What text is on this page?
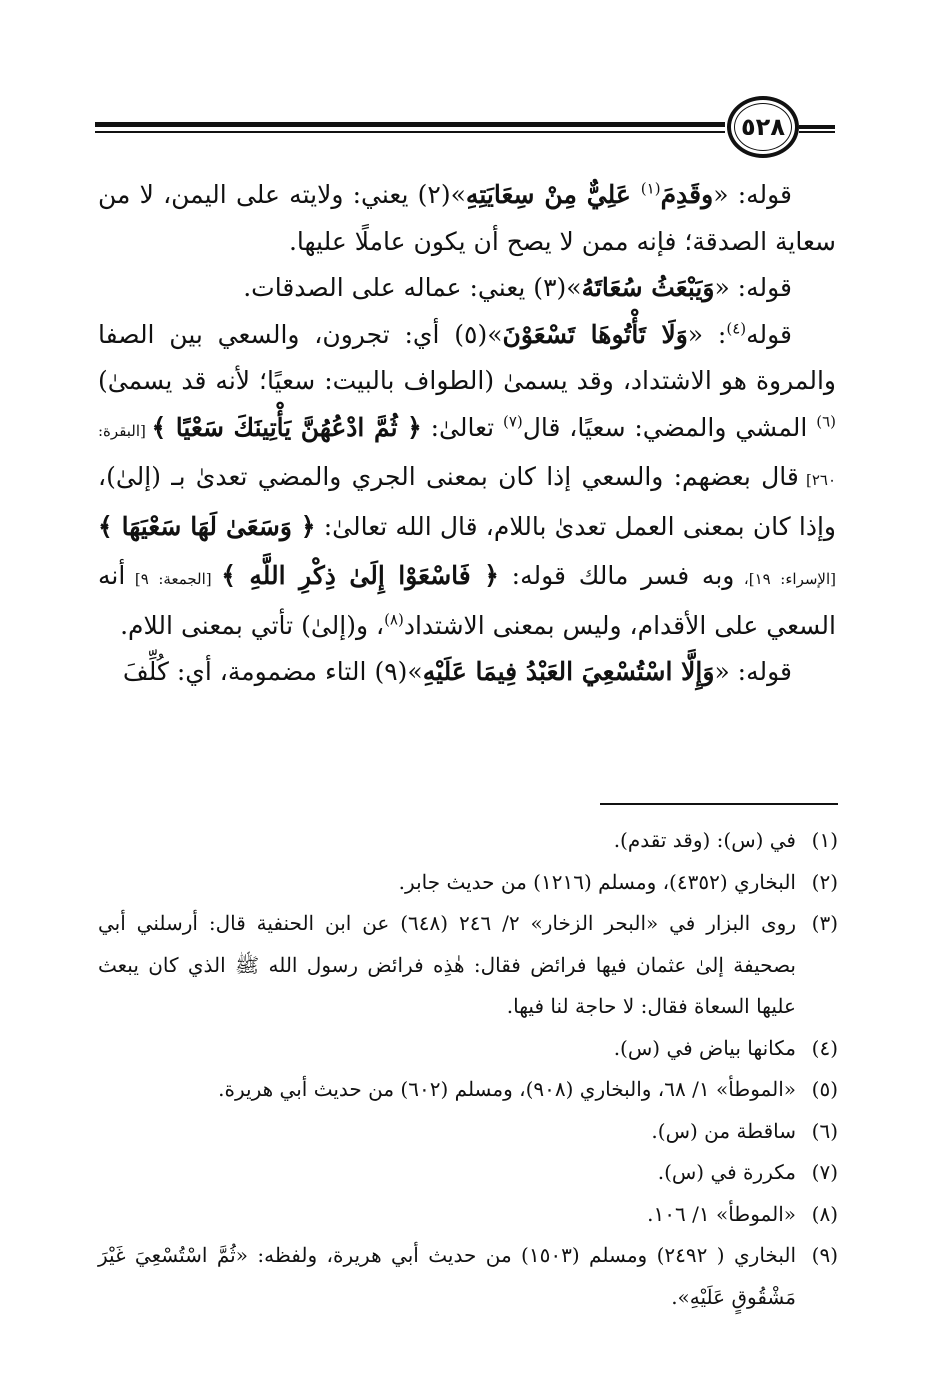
٥٢٨

قوله: «وقَدِمَ$^{(١)}$ عَلِيٌّ مِنْ سِعَايَتِهِ»(٢) يعني: ولايته على اليمن، لا من سعاية الصدقة؛ فإنه ممن لا يصح أن يكون عاملًا عليها.

قوله: «وَيَبْعَثُ سُعَاتَهُ»(٣) يعني: عماله على الصدقات.

قوله$^{(٤)}$: «وَلَا تَأْتُوهَا تَسْعَوْنَ»(٥) أي: تجرون، والسعي بين الصفا والمروة هو الاشتداد، وقد يسمىٰ (الطواف بالبيت: سعيًا؛ لأنه قد يسمىٰ)$^{(٦)}$ المشي والمضي: سعيًا، قال$^{(٧)}$ تعالىٰ: ﴿ ثُمَّ ادْعُهُنَّ يَأْتِينَكَ سَعْيًا ﴾ [البقرة: ٢٦٠] قال بعضهم: والسعي إذا كان بمعنى الجري والمضي تعدىٰ بـ (إلىٰ)، وإذا كان بمعنى العمل تعدىٰ باللام، قال الله تعالىٰ: ﴿ وَسَعَىٰ لَهَا سَعْيَهَا ﴾ [الإسراء: ١٩]، وبه فسر مالك قوله: ﴿ فَاسْعَوْا إِلَىٰ ذِكْرِ اللَّهِ ﴾ [الجمعة: ٩] أنه السعي على الأقدام، وليس بمعنى الاشتداد$^{(٨)}$، و(إلىٰ) تأتي بمعنى اللام.

قوله: «وَإِلَّا اسْتُسْعِيَ العَبْدُ فِيمَا عَلَيْهِ»(٩) التاء مضمومة، أي: كُلِّفَ

(١)
في (س): (وقد تقدم).
(٢)
البخاري (٤٣٥٢)، ومسلم (١٢١٦) من حديث جابر.
(٣)
روى البزار في «البحر الزخار» ٢/ ٢٤٦ (٦٤٨) عن ابن الحنفية قال: أرسلني أبي بصحيفة إلىٰ عثمان فيها فرائض فقال: هٰذِه فرائض رسول الله ﷺ الذي كان يبعث عليها السعاة فقال: لا حاجة لنا فيها.
(٤)
مكانها بياض في (س).
(٥)
«الموطأ» ١/ ٦٨، والبخاري (٩٠٨)، ومسلم (٦٠٢) من حديث أبي هريرة.
(٦)
ساقطة من (س).
(٧)
مكررة في (س).
(٨)
«الموطأ» ١/ ١٠٦.
(٩)
البخاري ( ٢٤٩٢) ومسلم (١٥٠٣) من حديث أبي هريرة، ولفظه: «ثُمَّ اسْتُسْعِيَ غَيْرَ مَشْقُوقٍ عَلَيْهِ».
